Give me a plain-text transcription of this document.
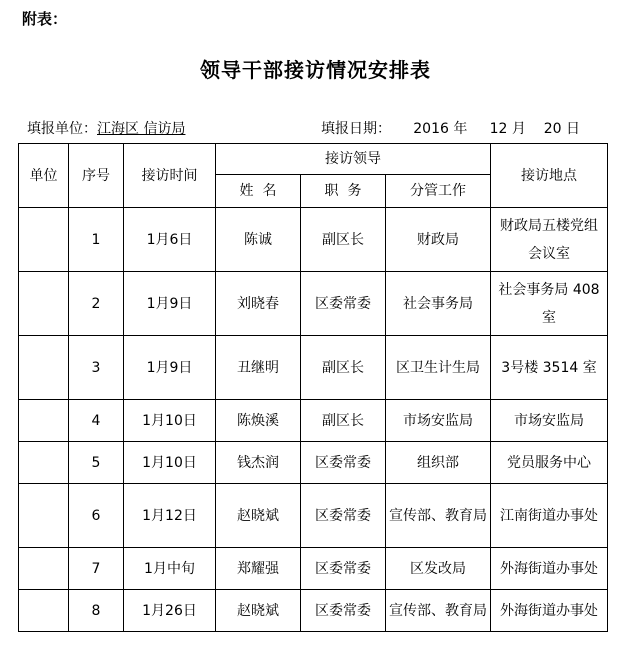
附表：
领导干部接访情况安排表
填报单位：江海区 信访局	填报日期： 2016 年 12 月 20 日
单位	序号	接访时间	接访领导			接访地点
			姓  名	职  务	分管工作	
	1	1月6日	陈诚	副区长	财政局	财政局五楼党组会议室
	2	1月9日	刘晓春	区委常委	社会事务局	社会事务局 408 室
	3	1月9日	丑继明	副区长	区卫生计生局	3号楼 3514 室
	4	1月10日	陈焕溪	副区长	市场安监局	市场安监局
	5	1月10日	钱杰润	区委常委	组织部	党员服务中心
	6	1月12日	赵晓斌	区委常委	宣传部、教育局	江南街道办事处
	7	1月中旬	郑耀强	区委常委	区发改局	外海街道办事处
	8	1月26日	赵晓斌	区委常委	宣传部、教育局	外海街道办事处
